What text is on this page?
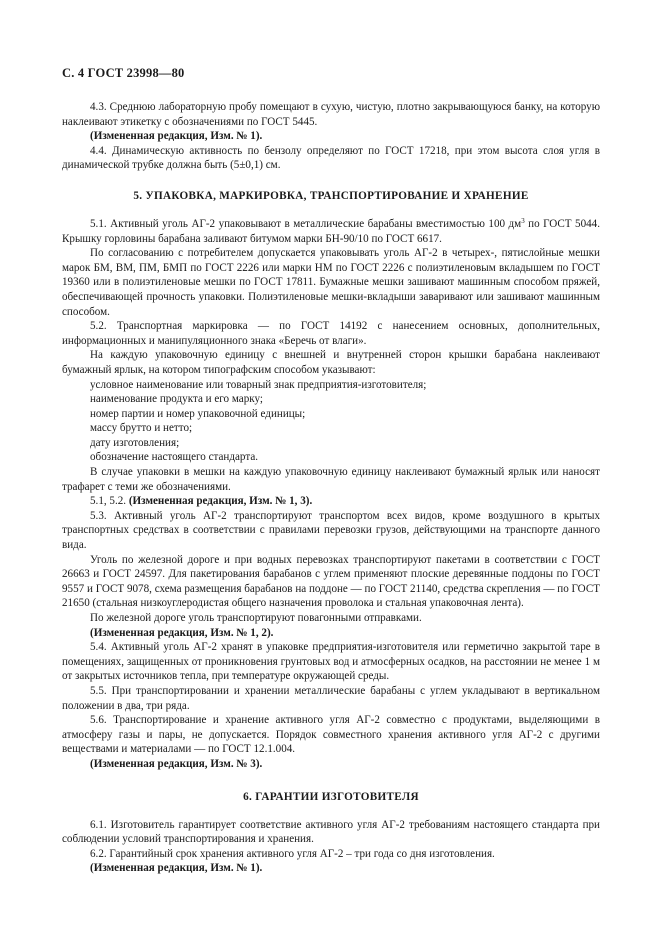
С. 4 ГОСТ 23998—80

4.3. Среднюю лабораторную пробу помещают в сухую, чистую, плотно закрывающуюся банку, на которую наклеивают этикетку с обозначениями по ГОСТ 5445.

(Измененная редакция, Изм. № 1).

4.4. Динамическую активность по бензолу определяют по ГОСТ 17218, при этом высота слоя угля в динамической трубке должна быть (5±0,1) см.

5. УПАКОВКА, МАРКИРОВКА, ТРАНСПОРТИРОВАНИЕ И ХРАНЕНИЕ

5.1. Активный уголь АГ-2 упаковывают в металлические барабаны вместимостью 100 $дм^3$ по ГОСТ 5044. Крышку горловины барабана заливают битумом марки БН-90/10 по ГОСТ 6617.

По согласованию с потребителем допускается упаковывать уголь АГ-2 в четырех-, пятислойные мешки марок БМ, ВМ, ПМ, БМП по ГОСТ 2226 или марки НМ по ГОСТ 2226 с полиэтиленовым вкладышем по ГОСТ 19360 или в полиэтиленовые мешки по ГОСТ 17811. Бумажные мешки зашивают машинным способом пряжей, обеспечивающей прочность упаковки. Полиэтиленовые мешки-вкладыши заваривают или зашивают машинным способом.

5.2. Транспортная маркировка — по ГОСТ 14192 с нанесением основных, дополнительных, информационных и манипуляционного знака «Беречь от влаги».

На каждую упаковочную единицу с внешней и внутренней сторон крышки барабана наклеивают бумажный ярлык, на котором типографским способом указывают:

условное наименование или товарный знак предприятия-изготовителя;

наименование продукта и его марку;

номер партии и номер упаковочной единицы;

массу брутто и нетто;

дату изготовления;

обозначение настоящего стандарта.

В случае упаковки в мешки на каждую упаковочную единицу наклеивают бумажный ярлык или наносят трафарет с теми же обозначениями.

5.1, 5.2. (Измененная редакция, Изм. № 1, 3).

5.3. Активный уголь АГ-2 транспортируют транспортом всех видов, кроме воздушного в крытых транспортных средствах в соответствии с правилами перевозки грузов, действующими на транспорте данного вида.

Уголь по железной дороге и при водных перевозках транспортируют пакетами в соответствии с ГОСТ 26663 и ГОСТ 24597. Для пакетирования барабанов с углем применяют плоские деревянные поддоны по ГОСТ 9557 и ГОСТ 9078, схема размещения барабанов на поддоне — по ГОСТ 21140, средства скрепления — по ГОСТ 21650 (стальная низкоуглеродистая общего назначения проволока и стальная упаковочная лента).

По железной дороге уголь транспортируют повагонными отправками.

(Измененная редакция, Изм. № 1, 2).

5.4. Активный уголь АГ-2 хранят в упаковке предприятия-изготовителя или герметично закрытой таре в помещениях, защищенных от проникновения грунтовых вод и атмосферных осадков, на расстоянии не менее 1 м от закрытых источников тепла, при температуре окружающей среды.

5.5. При транспортировании и хранении металлические барабаны с углем укладывают в вертикальном положении в два, три ряда.

5.6. Транспортирование и хранение активного угля АГ-2 совместно с продуктами, выделяющими в атмосферу газы и пары, не допускается. Порядок совместного хранения активного угля АГ-2 с другими веществами и материалами — по ГОСТ 12.1.004.

(Измененная редакция, Изм. № 3).

6. ГАРАНТИИ ИЗГОТОВИТЕЛЯ

6.1. Изготовитель гарантирует соответствие активного угля АГ-2 требованиям настоящего стандарта при соблюдении условий транспортирования и хранения.

6.2. Гарантийный срок хранения активного угля АГ-2 – три года со дня изготовления.

(Измененная редакция, Изм. № 1).
